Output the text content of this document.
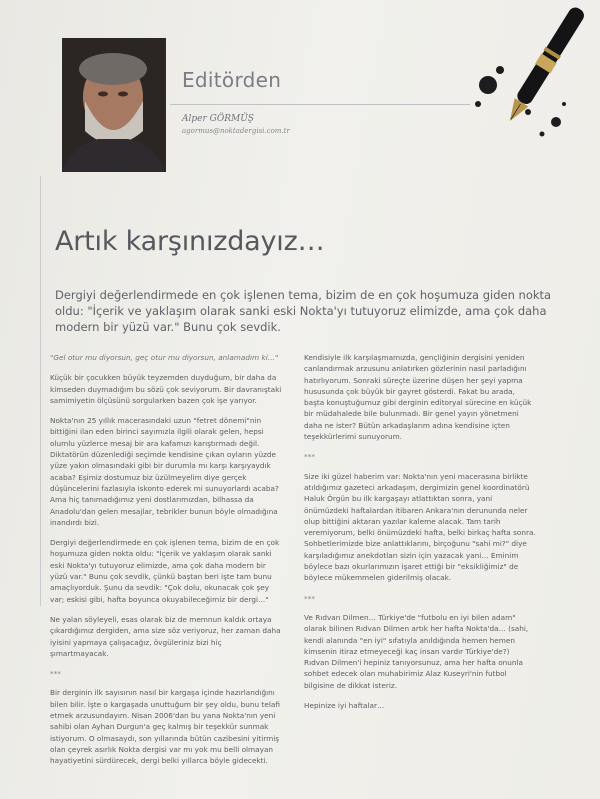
Editörden
Alper GÖRMÜŞ
agormus@noktadergisi.com.tr
Artık karşınızdayız…
Dergiyi değerlendirmede en çok işlenen tema, bizim de en çok hoşumuza giden nokta oldu: "İçerik ve yaklaşım olarak sanki eski Nokta'yı tutuyoruz elimizde, ama çok daha modern bir yüzü var." Bunu çok sevdik.

"Gel otur mu diyorsun, geç otur mu diyorsun, anlamadım ki…"

Küçük bir çocukken büyük teyzemden duyduğum, bir daha da kimseden duymadığım bu sözü çok seviyorum. Bir davranıştaki samimiyetin ölçüsünü sorgularken bazen çok işe yarıyor.

Nokta'nın 25 yıllık macerasındaki uzun "fetret dönemi"nin bittiğini ilan eden birinci sayımızla ilgili olarak gelen, hepsi olumlu yüzlerce mesaj bir ara kafamızı karıştırmadı değil. Diktatörün düzenlediği seçimde kendisine çıkan oyların yüzde yüze yakın olmasındaki gibi bir durumla mı karşı karşıyaydık acaba? Eşimiz dostumuz biz üzülmeyelim diye gerçek düşüncelerini fazlasıyla iskonto ederek mi sunuyorlardı acaba? Ama hiç tanımadığımız yeni dostlarımızdan, bilhassa da Anadolu'dan gelen mesajlar, tebrikler bunun böyle olmadığına inandırdı bizi.

Dergiyi değerlendirmede en çok işlenen tema, bizim de en çok hoşumuza giden nokta oldu: "İçerik ve yaklaşım olarak sanki eski Nokta'yı tutuyoruz elimizde, ama çok daha modern bir yüzü var." Bunu çok sevdik, çünkü baştan beri işte tam bunu amaçlıyorduk. Şunu da sevdik: "Çok dolu, okunacak çok şey var; eskisi gibi, hafta boyunca okuyabileceğimiz bir dergi…"

Ne yalan söyleyeli, esas olarak biz de memnun kaldık ortaya çıkardığımız dergiden, ama size söz veriyoruz, her zaman daha iyisini yapmaya çalışacağız, övgüleriniz bizi hiç şımartmayacak.

***

Bir derginin ilk sayısının nasıl bir kargaşa içinde hazırlandığını bilen bilir. İşte o kargaşada unuttuğum bir şey oldu, bunu telafi etmek arzusundayım. Nisan 2006'dan bu yana Nokta'nın yeni sahibi olan Ayhan Durgun'a geç kalmış bir teşekkür sunmak istiyorum. O olmasaydı, son yıllarında bütün cazibesini yitirmiş olan çeyrek asırlık Nokta dergisi var mı yok mu belli olmayan hayatiyetini sürdürecek, dergi belki yıllarca böyle gidecekti.

Kendisiyle ilk karşılaşmamızda, gençliğinin dergisini yeniden canlandırmak arzusunu anlatırken gözlerinin nasıl parladığını hatırlıyorum. Sonraki süreçte üzerine düşen her şeyi yapma hususunda çok büyük bir gayret gösterdi. Fakat bu arada, başta konuştuğumuz gibi derginin editoryal sürecine en küçük bir müdahalede bile bulunmadı. Bir genel yayın yönetmeni daha ne ister? Bütün arkadaşlarım adına kendisine içten teşekkürlerimi sunuyorum.

***

Size iki güzel haberim var: Nokta'nın yeni macerasına birlikte atıldığımız gazeteci arkadaşım, dergimizin genel koordinatörü Haluk Örgün bu ilk kargaşayı atlattıktan sonra, yani önümüzdeki haftalardan itibaren Ankara'nın derununda neler olup bittiğini aktaran yazılar kaleme alacak. Tam tarih veremiyorum, belki önümüzdeki hafta, belki birkaç hafta sonra. Sohbetlerimizde bize anlattıklarını, birçoğunu "sahi mi?" diye karşıladığımız anekdotları sizin için yazacak yani… Eminim böylece bazı okurlarımızın işaret ettiği bir "eksikliğimiz" de böylece mükemmelen giderilmiş olacak.

***

Ve Rıdvan Dilmen… Türkiye'de "futbolu en iyi bilen adam" olarak bilinen Rıdvan Dilmen artık her hafta Nokta'da… (sahi, kendi alanında "en iyi" sıfatıyla anıldığında hemen hemen kimsenin itiraz etmeyeceği kaç insan vardır Türkiye'de?) Rıdvan Dilmen'i hepiniz tanıyorsunuz, ama her hafta onunla sohbet edecek olan muhabirimiz Alaz Kuseyri'nin futbol bilgisine de dikkat isteriz.

Hepinize iyi haftalar…
